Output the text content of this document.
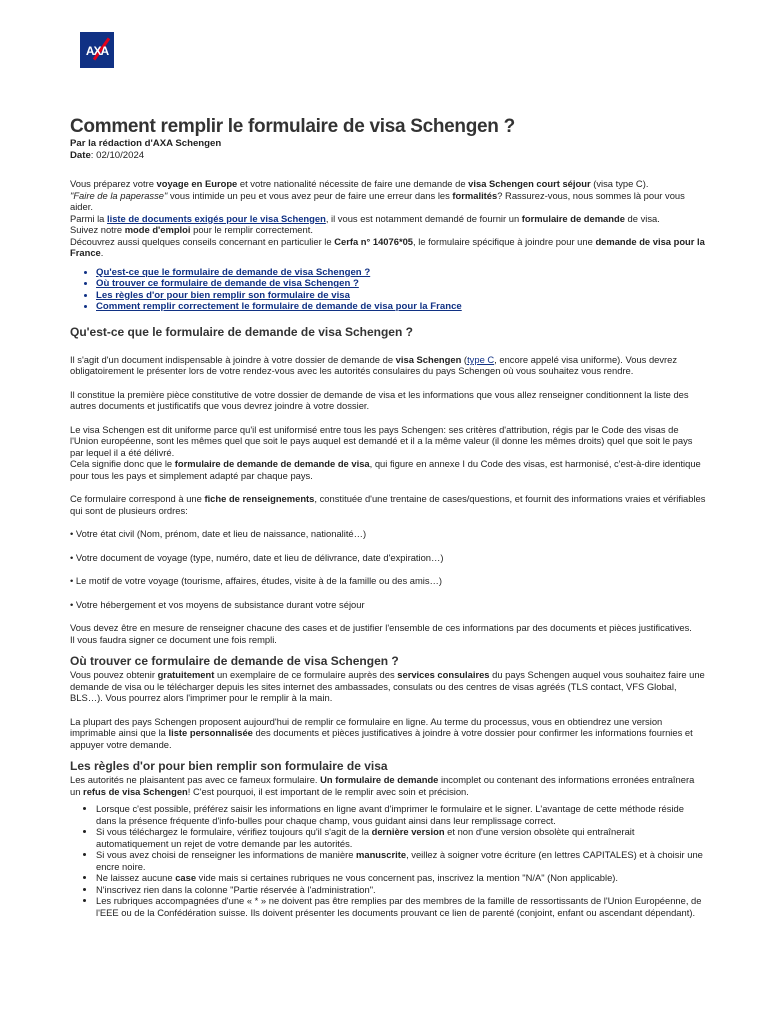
AXA
Comment remplir le formulaire de visa Schengen ?
Par la rédaction d'AXA Schengen
Date: 02/10/2024

Vous préparez votre voyage en Europe et votre nationalité nécessite de faire une demande de visa Schengen court séjour (visa type C).

"Faire de la paperasse" vous intimide un peu et vous avez peur de faire une erreur dans les formalités? Rassurez-vous, nous sommes là pour vous aider.

Parmi la liste de documents exigés pour le visa Schengen, il vous est notamment demandé de fournir un formulaire de demande de visa.

Suivez notre mode d'emploi pour le remplir correctement.

Découvrez aussi quelques conseils concernant en particulier le Cerfa n° 14076*05, le formulaire spécifique à joindre pour une demande de visa pour la France.

• Qu'est-ce que le formulaire de demande de visa Schengen ?
• Où trouver ce formulaire de demande de visa Schengen ?
• Les règles d'or pour bien remplir son formulaire de visa
• Comment remplir correctement le formulaire de demande de visa pour la France
Qu'est-ce que le formulaire de demande de visa Schengen ?

Il s'agit d'un document indispensable à joindre à votre dossier de demande de visa Schengen (type C, encore appelé visa uniforme). Vous devrez obligatoirement le présenter lors de votre rendez-vous avec les autorités consulaires du pays Schengen où vous souhaitez vous rendre.

Il constitue la première pièce constitutive de votre dossier de demande de visa et les informations que vous allez renseigner conditionnent la liste des autres documents et justificatifs que vous devrez joindre à votre dossier.

Le visa Schengen est dit uniforme parce qu'il est uniformisé entre tous les pays Schengen: ses critères d'attribution, régis par le Code des visas de l'Union européenne, sont les mêmes quel que soit le pays auquel est demandé et il a la même valeur (il donne les mêmes droits) quel que soit le pays par lequel il a été délivré.

Cela signifie donc que le formulaire de demande de demande de visa, qui figure en annexe I du Code des visas, est harmonisé, c'est-à-dire identique pour tous les pays et simplement adapté par chaque pays.

Ce formulaire correspond à une fiche de renseignements, constituée d'une trentaine de cases/questions, et fournit des informations vraies et vérifiables qui sont de plusieurs ordres:

• Votre état civil (Nom, prénom, date et lieu de naissance, nationalité…)

• Votre document de voyage (type, numéro, date et lieu de délivrance, date d'expiration…)

• Le motif de votre voyage (tourisme, affaires, études, visite à de la famille ou des amis…)

• Votre hébergement et vos moyens de subsistance durant votre séjour

Vous devez être en mesure de renseigner chacune des cases et de justifier l'ensemble de ces informations par des documents et pièces justificatives.

Il vous faudra signer ce document une fois rempli.

Où trouver ce formulaire de demande de visa Schengen ?

Vous pouvez obtenir gratuitement un exemplaire de ce formulaire auprès des services consulaires du pays Schengen auquel vous souhaitez faire une demande de visa ou le télécharger depuis les sites internet des ambassades, consulats ou des centres de visas agréés (TLS contact, VFS Global, BLS…). Vous pourrez alors l'imprimer pour le remplir à la main.

La plupart des pays Schengen proposent aujourd'hui de remplir ce formulaire en ligne. Au terme du processus, vous en obtiendrez une version imprimable ainsi que la liste personnalisée des documents et pièces justificatives à joindre à votre dossier pour confirmer les informations fournies et appuyer votre demande.

Les règles d'or pour bien remplir son formulaire de visa

Les autorités ne plaisantent pas avec ce fameux formulaire. Un formulaire de demande incomplet ou contenant des informations erronées entraînera un refus de visa Schengen! C'est pourquoi, il est important de le remplir avec soin et précision.

• Lorsque c'est possible, préférez saisir les informations en ligne avant d'imprimer le formulaire et le signer. L'avantage de cette méthode réside dans la présence fréquente d'info-bulles pour chaque champ, vous guidant ainsi dans leur remplissage correct.
• Si vous téléchargez le formulaire, vérifiez toujours qu'il s'agit de la dernière version et non d'une version obsolète qui entraînerait automatiquement un rejet de votre demande par les autorités.
• Si vous avez choisi de renseigner les informations de manière manuscrite, veillez à soigner votre écriture (en lettres CAPITALES) et à choisir une encre noire.
• Ne laissez aucune case vide mais si certaines rubriques ne vous concernent pas, inscrivez la mention "N/A" (Non applicable).
• N'inscrivez rien dans la colonne "Partie réservée à l'administration".
• Les rubriques accompagnées d'une « * » ne doivent pas être remplies par des membres de la famille de ressortissants de l'Union Européenne, de l'EEE ou de la Confédération suisse. Ils doivent présenter les documents prouvant ce lien de parenté (conjoint, enfant ou ascendant dépendant).
